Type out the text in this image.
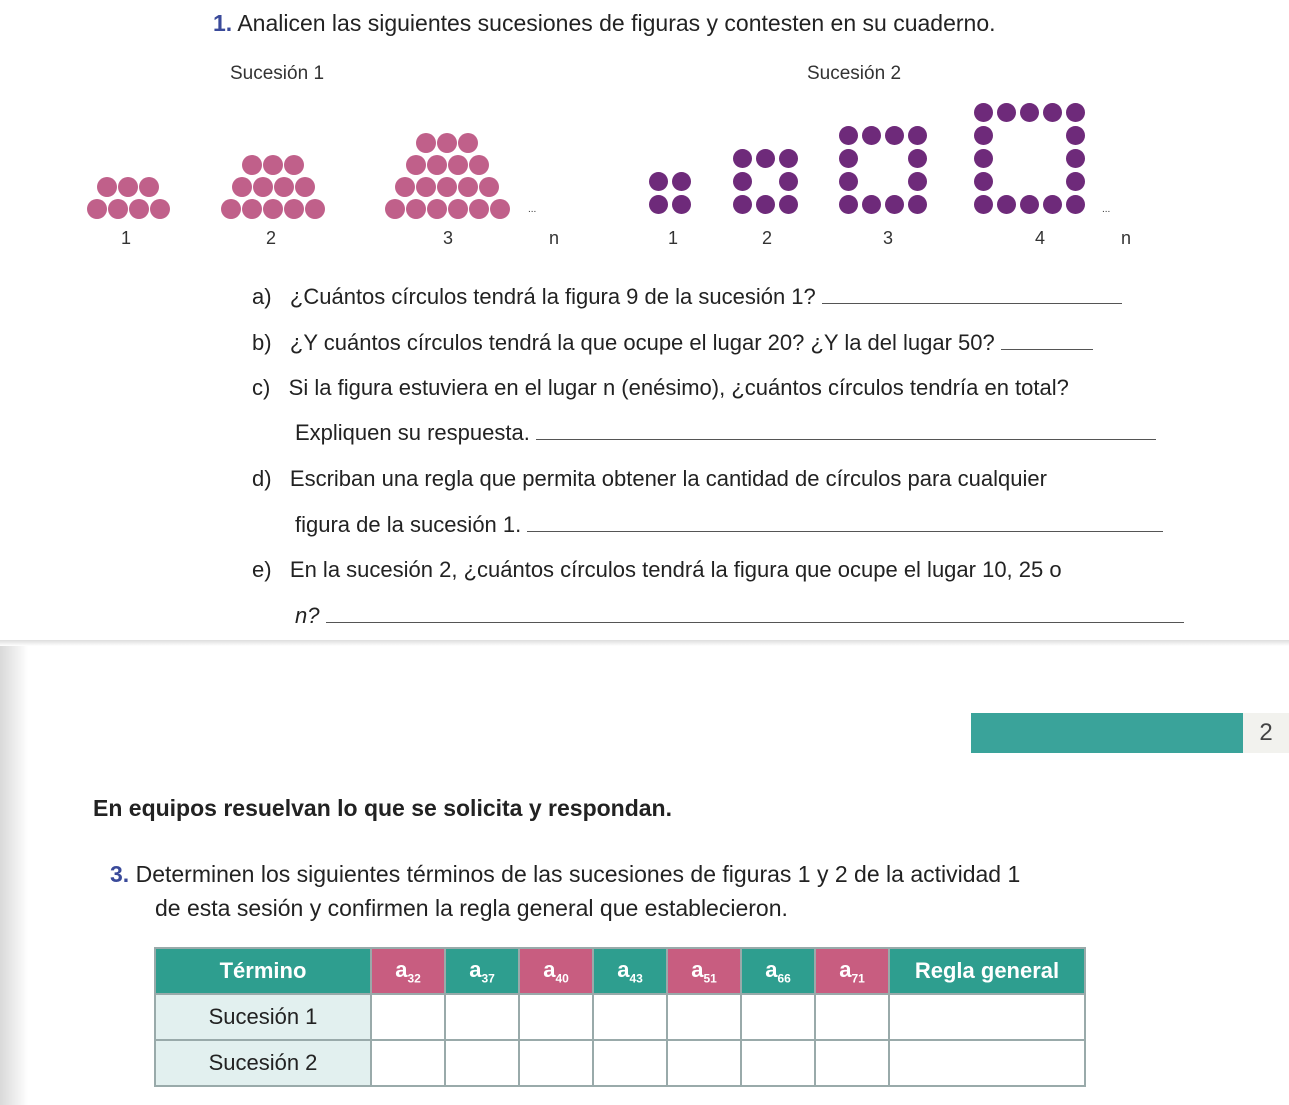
1. Analicen las siguientes sucesiones de figuras y contesten en su cuaderno.
Sucesión 1	Sucesión 2
1	2	3	n	1	2	3	4	n
...	...
a) ¿Cuántos círculos tendrá la figura 9 de la sucesión 1?
b) ¿Y cuántos círculos tendrá la que ocupe el lugar 20? ¿Y la del lugar 50?
c) Si la figura estuviera en el lugar n (enésimo), ¿cuántos círculos tendría en total?
Expliquen su respuesta.
d) Escriban una regla que permita obtener la cantidad de círculos para cualquier
figura de la sucesión 1.
e) En la sucesión 2, ¿cuántos círculos tendrá la figura que ocupe el lugar 10, 25 o
n?
2
En equipos resuelvan lo que se solicita y respondan.
3. Determinen los siguientes términos de las sucesiones de figuras 1 y 2 de la actividad 1
de esta sesión y confirmen la regla general que establecieron.
Término	$a_{32}$	$a_{37}$	$a_{40}$	$a_{43}$	$a_{51}$	$a_{66}$	$a_{71}$	Regla general
Sucesión 1								
Sucesión 2								
